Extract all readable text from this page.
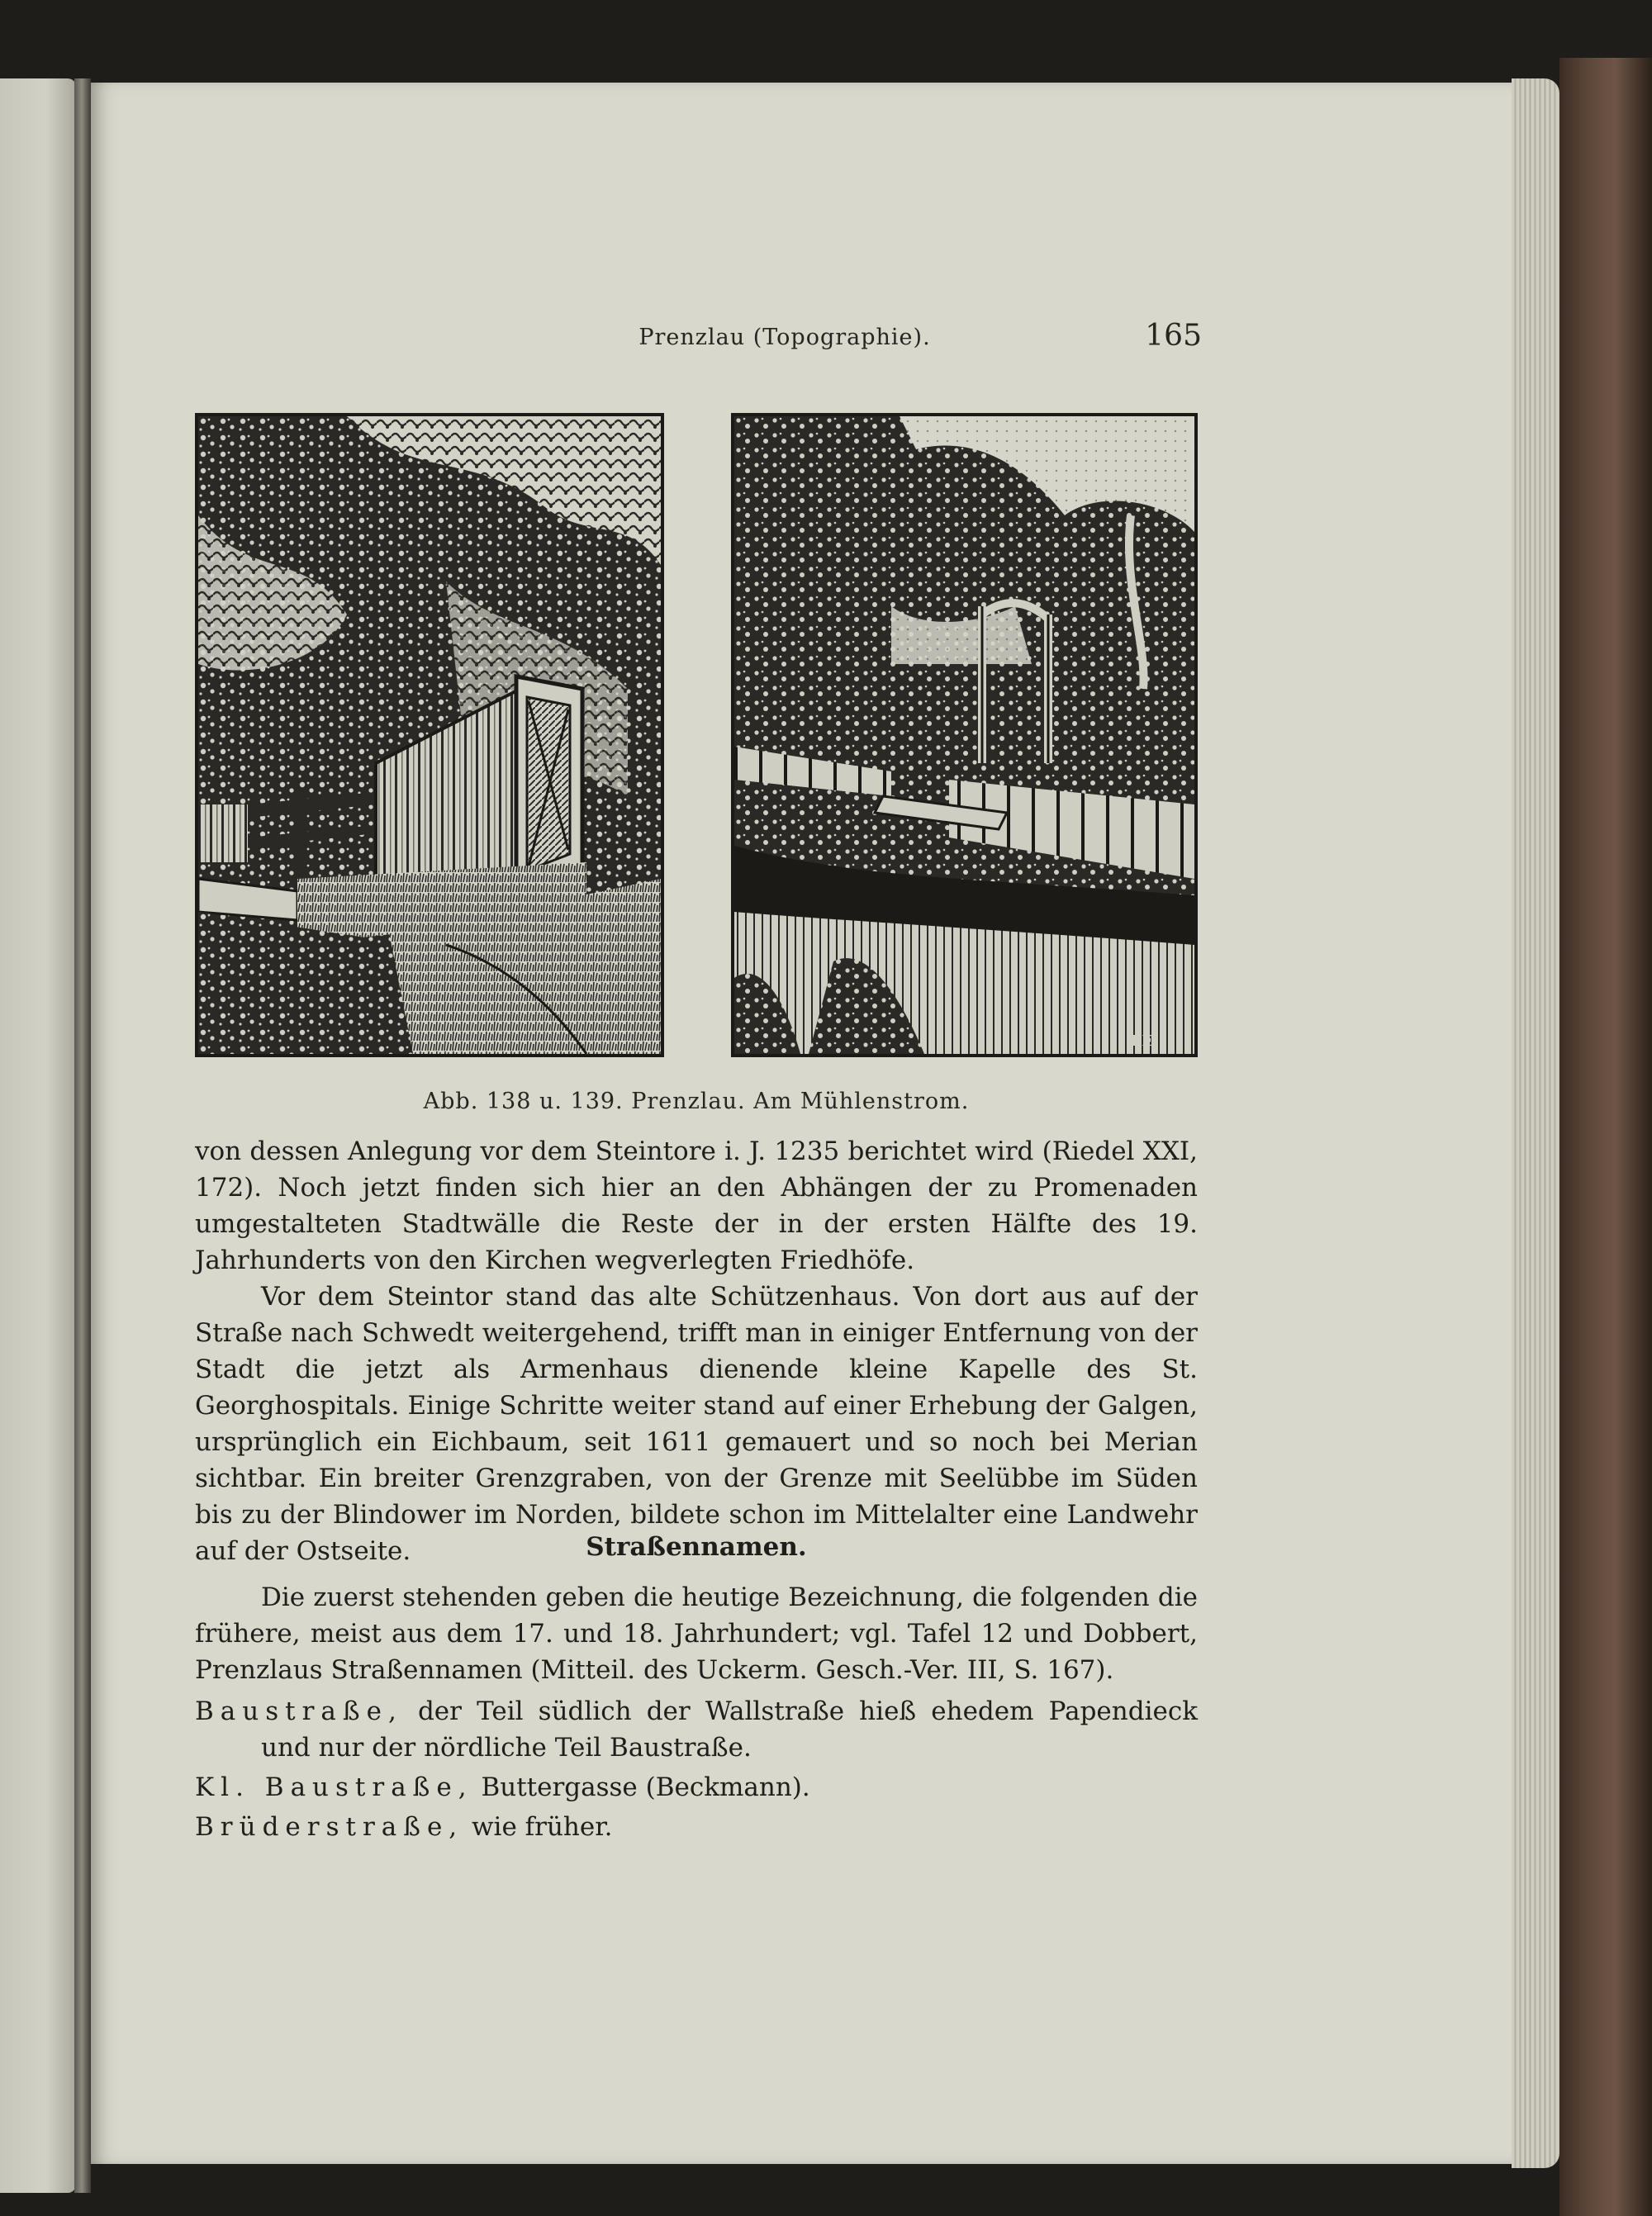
Prenzlau (Topographie).	165
PE.
Abb. 138 u. 139. Prenzlau. Am Mühlenstrom.

von dessen Anlegung vor dem Steintore i. J. 1235 berichtet wird (Riedel XXI, 172). Noch jetzt finden sich hier an den Abhängen der zu Promenaden umgestalteten Stadtwälle die Reste der in der ersten Hälfte des 19. Jahrhunderts von den Kirchen wegverlegten Friedhöfe.

Vor dem Steintor stand das alte Schützenhaus. Von dort aus auf der Straße nach Schwedt weitergehend, trifft man in einiger Entfernung von der Stadt die jetzt als Armenhaus dienende kleine Kapelle des St. Georghospitals. Einige Schritte weiter stand auf einer Erhebung der Galgen, ursprünglich ein Eichbaum, seit 1611 gemauert und so noch bei Merian sichtbar. Ein breiter Grenzgraben, von der Grenze mit Seelübbe im Süden bis zu der Blindower im Norden, bildete schon im Mittelalter eine Landwehr auf der Ostseite.	Straßennamen.

Die zuerst stehenden geben die heutige Bezeichnung, die folgenden die frühere, meist aus dem 17. und 18. Jahrhundert; vgl. Tafel 12 und Dobbert, Prenzlaus Straßennamen (Mitteil. des Uckerm. Gesch.-Ver. III, S. 167).

Baustraße, der Teil südlich der Wallstraße hieß ehedem Papendieck und nur der nördliche Teil Baustraße.

Kl. Baustraße, Buttergasse (Beckmann).

Brüderstraße, wie früher.
